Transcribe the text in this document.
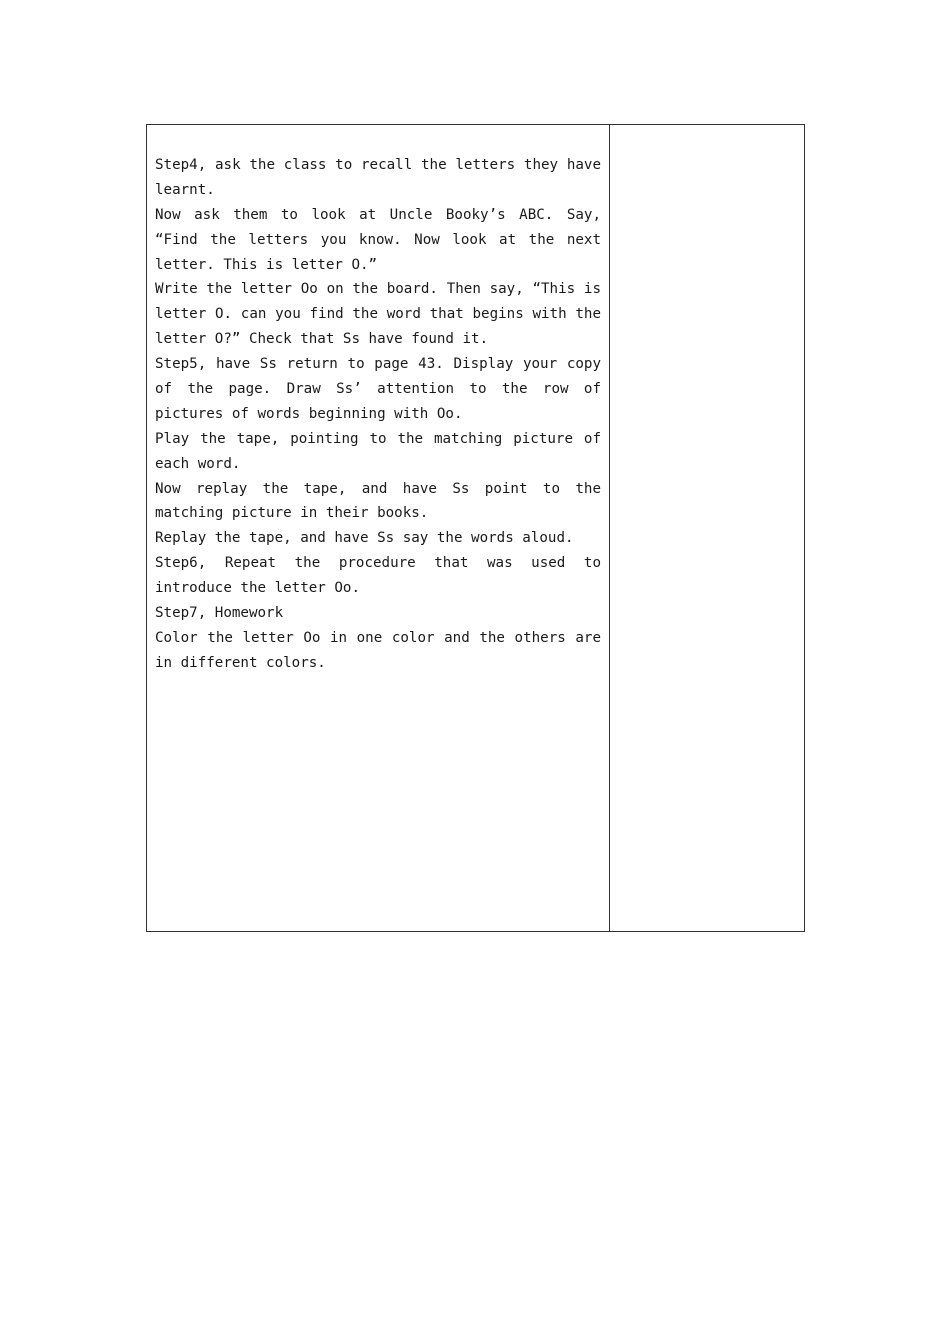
Step4, ask the class to recall the letters they have
learnt.
Now ask them to look at Uncle Booky’s ABC. Say,
“Find the letters you know. Now look at the next
letter. This is letter O.”
Write the letter Oo on the board. Then say, “This is
letter O. can you find the word that begins with the
letter O?” Check that Ss have found it.
Step5, have Ss return to page 43. Display your copy
of the page. Draw Ss’ attention to the row of
pictures of words beginning with Oo.
Play the tape, pointing to the matching picture of
each word.
Now replay the tape, and have Ss point to the
matching picture in their books.
Replay the tape, and have Ss say the words aloud.
Step6, Repeat the procedure that was used to
introduce the letter Oo.
Step7, Homework
Color the letter Oo in one color and the others are
in different colors.
